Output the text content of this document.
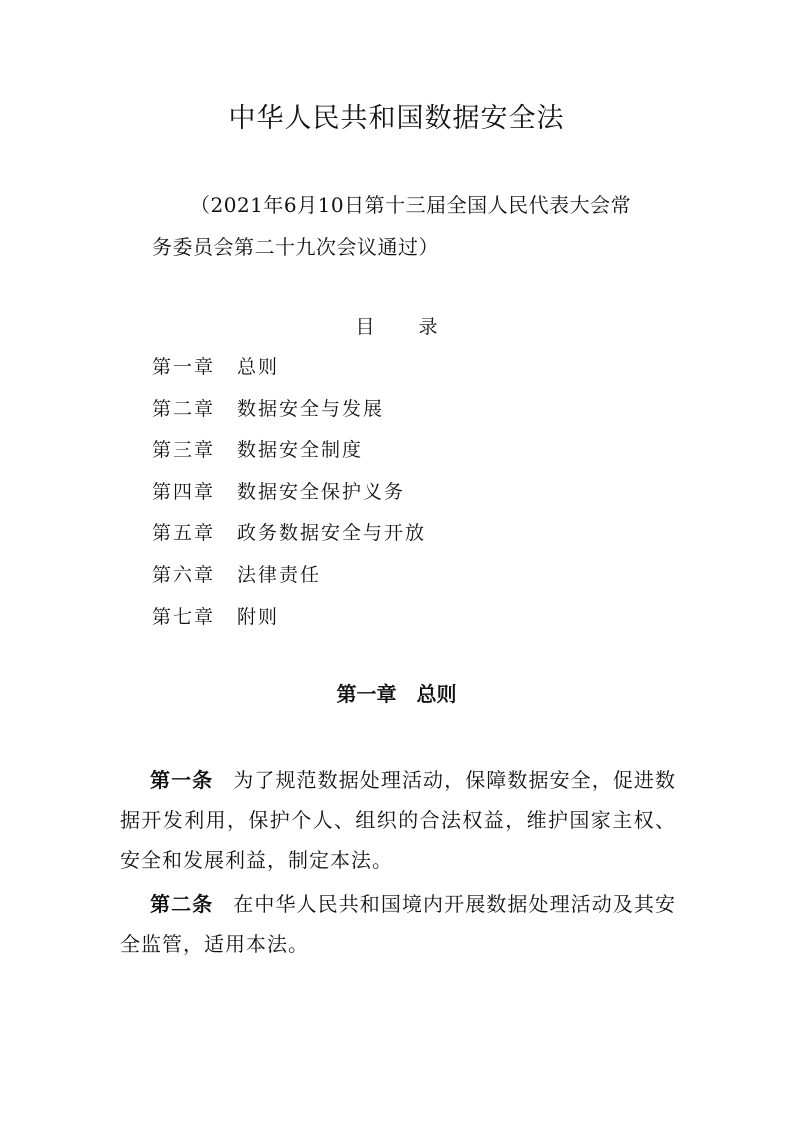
中华人民共和国数据安全法
（2021年6月10日第十三届全国人民代表大会常
务委员会第二十九次会议通过）
目录
第一章 总则
第二章 数据安全与发展
第三章 数据安全制度
第四章 数据安全保护义务
第五章 政务数据安全与开放
第六章 法律责任
第七章 附则
第一章 总则

第一条 为了规范数据处理活动，保障数据安全，促进数据开发利用，保护个人、组织的合法权益，维护国家主权、安全和发展利益，制定本法。

第二条 在中华人民共和国境内开展数据处理活动及其安全监管，适用本法。
